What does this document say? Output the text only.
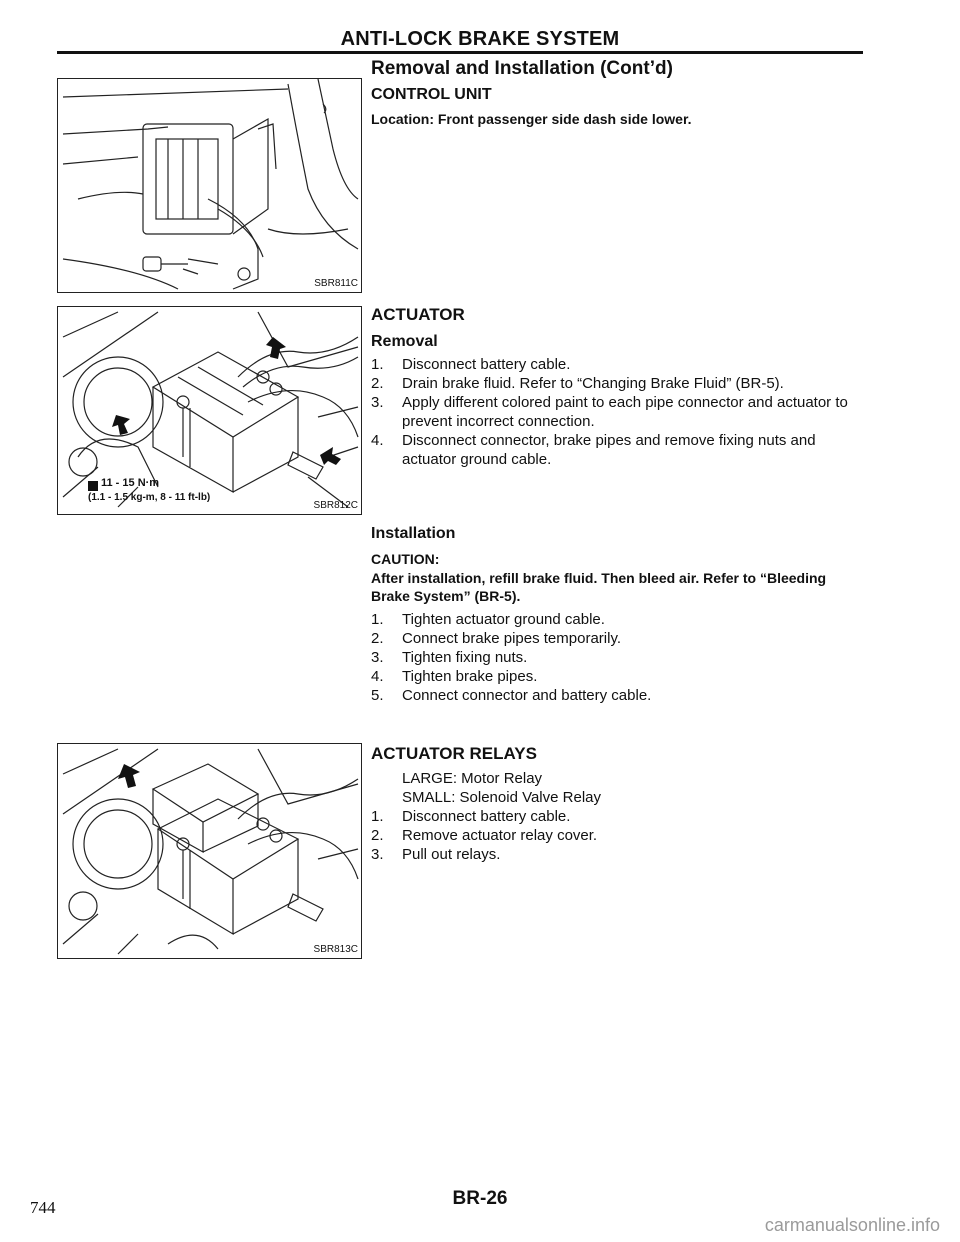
ANTI-LOCK BRAKE SYSTEM
Removal and Installation (Cont’d)
CONTROL UNIT
Location: Front passenger side dash side lower.
SBR811C
ACTUATOR
Removal
1. Disconnect battery cable.
2. Drain brake fluid. Refer to “Changing Brake Fluid” (BR-5).
3. Apply different colored paint to each pipe connector and actuator to prevent incorrect connection.
4. Disconnect connector, brake pipes and remove fixing nuts and actuator ground cable.
11 - 15 N·m
(1.1 - 1.5 kg-m, 8 - 11 ft-lb)
SBR812C
Installation
CAUTION:
After installation, refill brake fluid. Then bleed air. Refer to “Bleeding Brake System” (BR-5).
1. Tighten actuator ground cable.
2. Connect brake pipes temporarily.
3. Tighten fixing nuts.
4. Tighten brake pipes.
5. Connect connector and battery cable.
ACTUATOR RELAYS
LARGE: Motor Relay
SMALL: Solenoid Valve Relay
1. Disconnect battery cable.
2. Remove actuator relay cover.
3. Pull out relays.
SBR813C
744	BR-26
carmanualsonline.info
